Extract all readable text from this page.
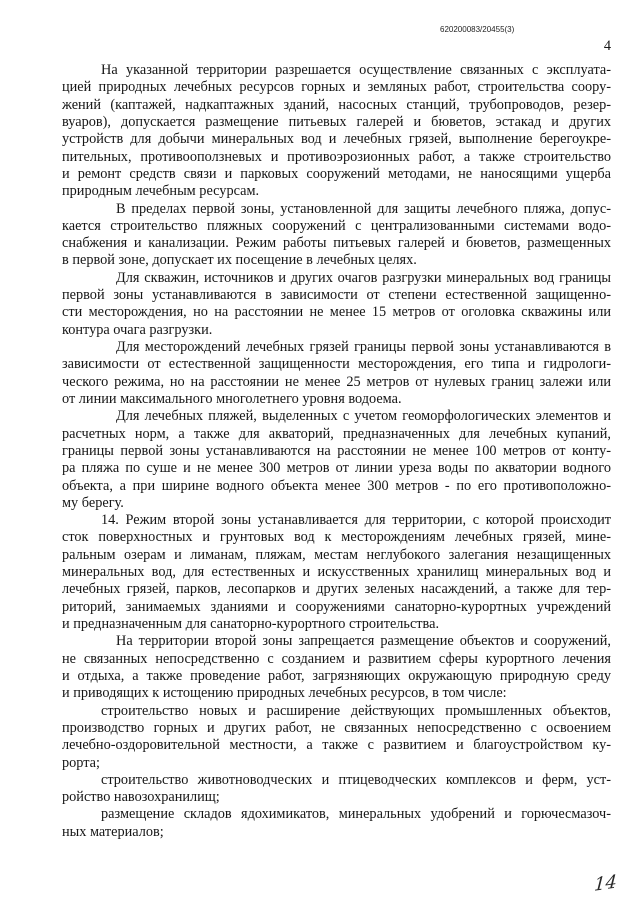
620200083/20455(3)
4
На указанной территории разрешается осуществление связанных с эксплуата-
цией природных лечебных ресурсов горных и земляных работ, строительства соору-
жений (каптажей, надкаптажных зданий, насосных станций, трубопроводов, резер-
вуаров), допускается размещение питьевых галерей и бюветов, эстакад и других
устройств для добычи минеральных вод и лечебных грязей, выполнение берегоукре-
пительных, противооползневых и противоэрозионных работ, а также строительство
и ремонт средств связи и парковых сооружений методами, не наносящими ущерба
природным лечебным ресурсам.
В пределах первой зоны, установленной для защиты лечебного пляжа, допус-
кается строительство пляжных сооружений с централизованными системами водо-
снабжения и канализации. Режим работы питьевых галерей и бюветов, размещенных
в первой зоне, допускает их посещение в лечебных целях.
Для скважин, источников и других очагов разгрузки минеральных вод границы
первой зоны устанавливаются в зависимости от степени естественной защищенно-
сти месторождения, но на расстоянии не менее 15 метров от оголовка скважины или
контура очага разгрузки.
Для месторождений лечебных грязей границы первой зоны устанавливаются в
зависимости от естественной защищенности месторождения, его типа и гидрологи-
ческого режима, но на расстоянии не менее 25 метров от нулевых границ залежи или
от линии максимального многолетнего уровня водоема.
Для лечебных пляжей, выделенных с учетом геоморфологических элементов и
расчетных норм, а также для акваторий, предназначенных для лечебных купаний,
границы первой зоны устанавливаются на расстоянии не менее 100 метров от конту-
ра пляжа по суше и не менее 300 метров от линии уреза воды по акватории водного
объекта, а при ширине водного объекта менее 300 метров - по его противоположно-
му берегу.
14. Режим второй зоны устанавливается для территории, с которой происходит
сток поверхностных и грунтовых вод к месторождениям лечебных грязей, мине-
ральным озерам и лиманам, пляжам, местам неглубокого залегания незащищенных
минеральных вод, для естественных и искусственных хранилищ минеральных вод и
лечебных грязей, парков, лесопарков и других зеленых насаждений, а также для тер-
риторий, занимаемых зданиями и сооружениями санаторно-курортных учреждений
и предназначенным для санаторно-курортного строительства.
На территории второй зоны запрещается размещение объектов и сооружений,
не связанных непосредственно с созданием и развитием сферы курортного лечения
и отдыха, а также проведение работ, загрязняющих окружающую природную среду
и приводящих к истощению природных лечебных ресурсов, в том числе:
строительство новых и расширение действующих промышленных объектов,
производство горных и других работ, не связанных непосредственно с освоением
лечебно-оздоровительной местности, а также с развитием и благоустройством ку-
рорта;
строительство животноводческих и птицеводческих комплексов и ферм, уст-
ройство навозохранилищ;
размещение складов ядохимикатов, минеральных удобрений и горючесмазоч-
ных материалов;
14
